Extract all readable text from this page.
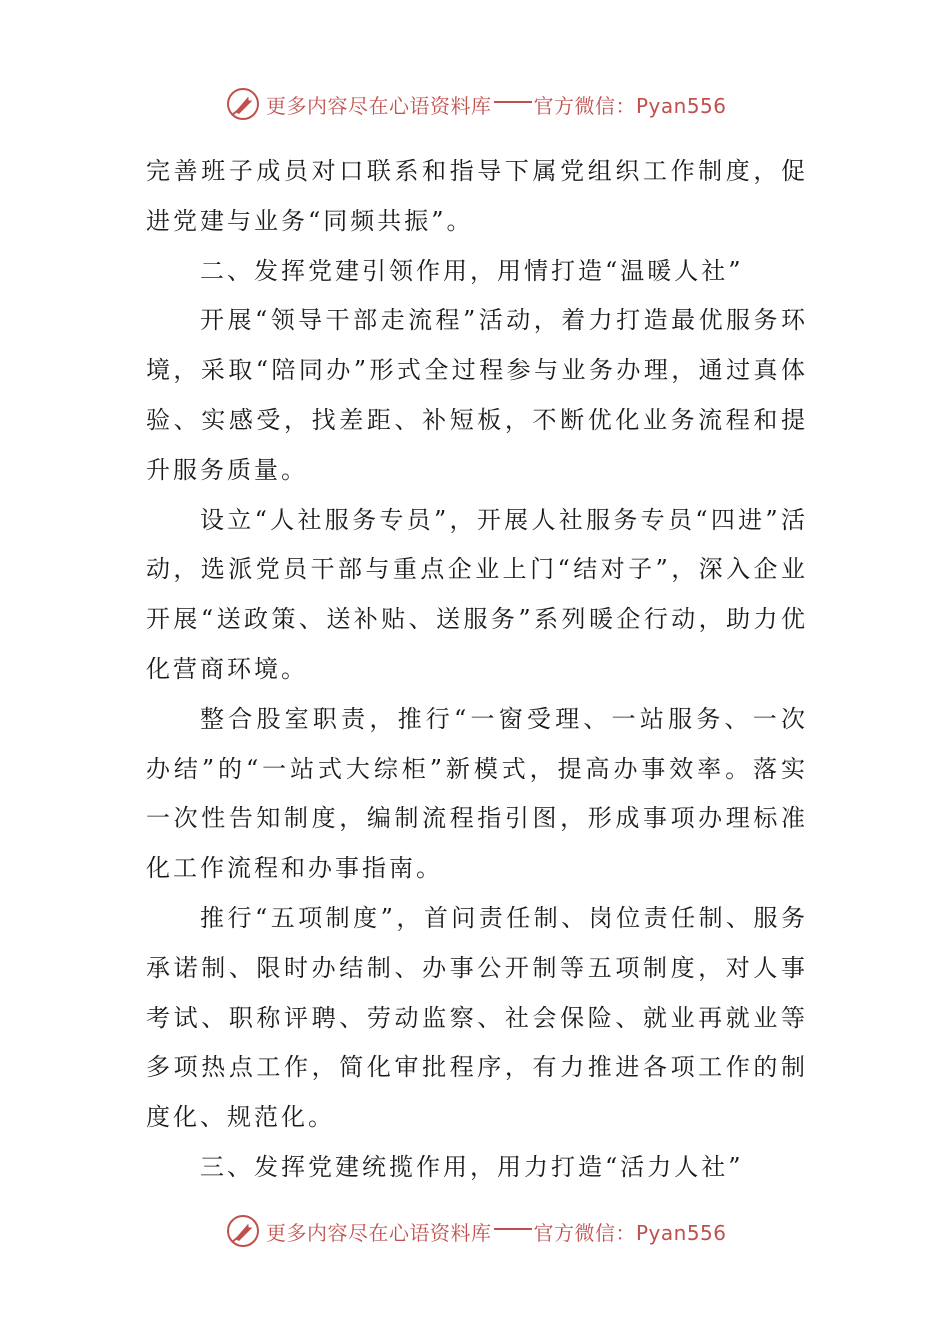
更多内容尽在心语资料库 官方微信：Pyan556

完善班子成员对口联系和指导下属党组织工作制度，促进党建与业务“同频共振”。

二、发挥党建引领作用，用情打造“温暖人社”

开展“领导干部走流程”活动，着力打造最优服务环境，采取“陪同办”形式全过程参与业务办理，通过真体验、实感受，找差距、补短板，不断优化业务流程和提升服务质量。

设立“人社服务专员”，开展人社服务专员“四进”活动，选派党员干部与重点企业上门“结对子”，深入企业开展“送政策、送补贴、送服务”系列暖企行动，助力优化营商环境。

整合股室职责，推行“一窗受理、一站服务、一次办结”的“一站式大综柜”新模式，提高办事效率。落实一次性告知制度，编制流程指引图，形成事项办理标准化工作流程和办事指南。

推行“五项制度”，首问责任制、岗位责任制、服务承诺制、限时办结制、办事公开制等五项制度，对人事考试、职称评聘、劳动监察、社会保险、就业再就业等多项热点工作，简化审批程序，有力推进各项工作的制度化、规范化。

三、发挥党建统揽作用，用力打造“活力人社”

更多内容尽在心语资料库 官方微信：Pyan556
